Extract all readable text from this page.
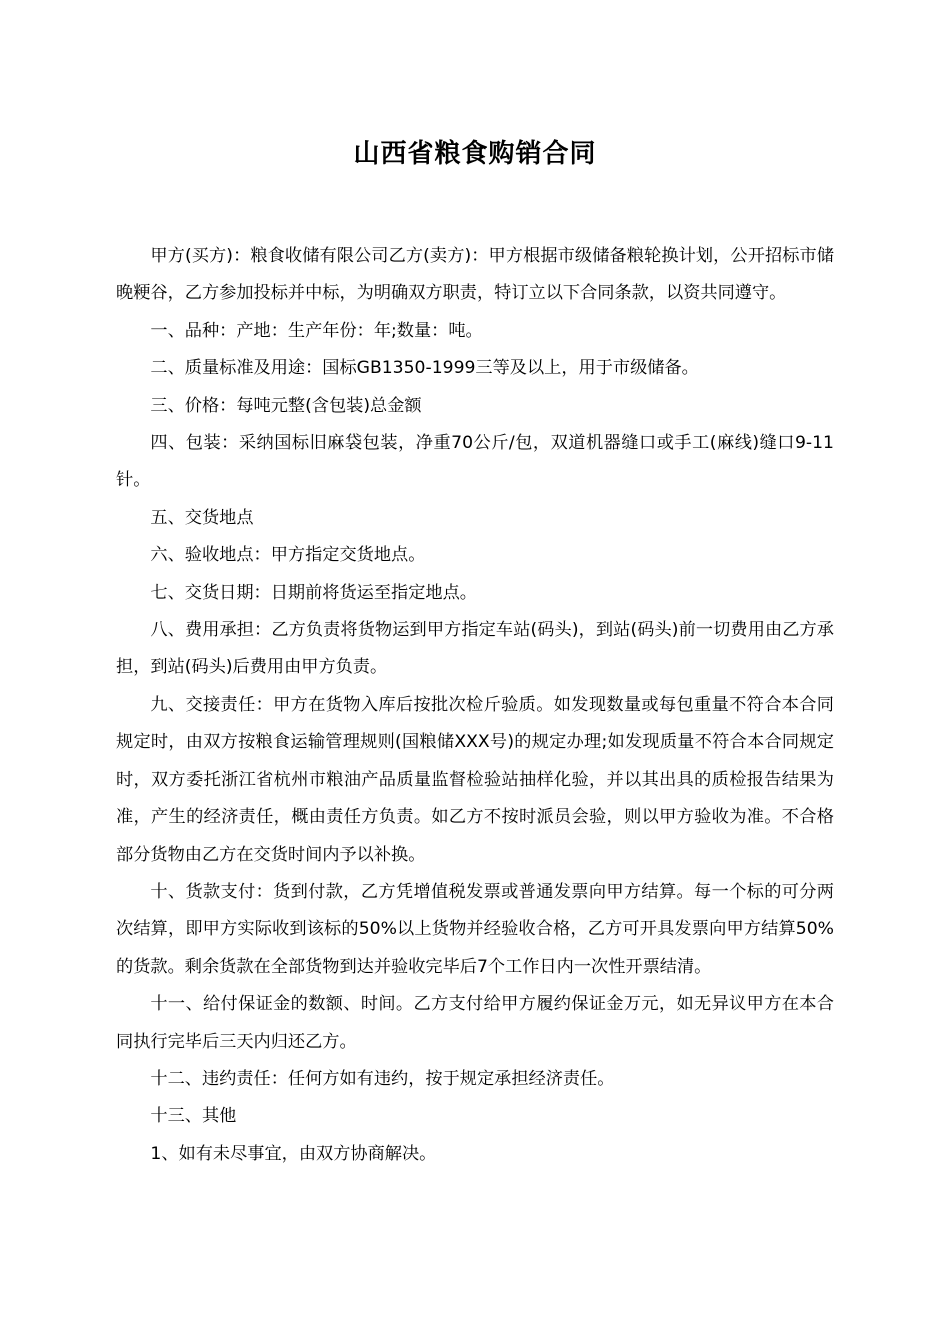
山西省粮食购销合同

甲方(买方)：粮食收储有限公司乙方(卖方)：甲方根据市级储备粮轮换计划，公开招标市储晚粳谷，乙方参加投标并中标，为明确双方职责，特订立以下合同条款，以资共同遵守。

一、品种：产地：生产年份：年;数量：吨。

二、质量标准及用途：国标GB1350-1999三等及以上，用于市级储备。

三、价格：每吨元整(含包装)总金额

四、包装：采纳国标旧麻袋包装，净重70公斤/包，双道机器缝口或手工(麻线)缝口9-11针。

五、交货地点

六、验收地点：甲方指定交货地点。

七、交货日期：日期前将货运至指定地点。

八、费用承担：乙方负责将货物运到甲方指定车站(码头)，到站(码头)前一切费用由乙方承担，到站(码头)后费用由甲方负责。

九、交接责任：甲方在货物入库后按批次检斤验质。如发现数量或每包重量不符合本合同规定时，由双方按粮食运输管理规则(国粮储XXX号)的规定办理;如发现质量不符合本合同规定时，双方委托浙江省杭州市粮油产品质量监督检验站抽样化验，并以其出具的质检报告结果为准，产生的经济责任，概由责任方负责。如乙方不按时派员会验，则以甲方验收为准。不合格部分货物由乙方在交货时间内予以补换。

十、货款支付：货到付款，乙方凭增值税发票或普通发票向甲方结算。每一个标的可分两次结算，即甲方实际收到该标的50%以上货物并经验收合格，乙方可开具发票向甲方结算50%的货款。剩余货款在全部货物到达并验收完毕后7个工作日内一次性开票结清。

十一、给付保证金的数额、时间。乙方支付给甲方履约保证金万元，如无异议甲方在本合同执行完毕后三天内归还乙方。

十二、违约责任：任何方如有违约，按于规定承担经济责任。

十三、其他

1、如有未尽事宜，由双方协商解决。
